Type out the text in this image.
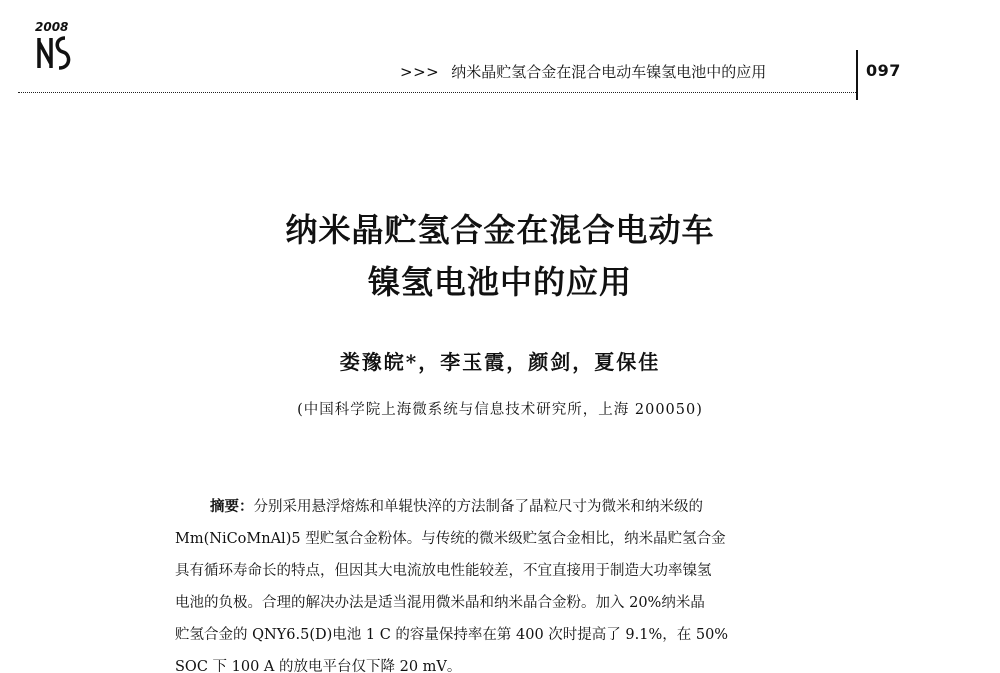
2008
>>> 纳米晶贮氢合金在混合电动车镍氢电池中的应用	097
纳米晶贮氢合金在混合电动车
镍氢电池中的应用
娄豫皖*，李玉霞，颜剑，夏保佳
(中国科学院上海微系统与信息技术研究所，上海 200050)
摘要：分别采用悬浮熔炼和单辊快淬的方法制备了晶粒尺寸为微米和纳米级的
Mm(NiCoMnAl)5 型贮氢合金粉体。与传统的微米级贮氢合金相比，纳米晶贮氢合金
具有循环寿命长的特点，但因其大电流放电性能较差，不宜直接用于制造大功率镍氢
电池的负极。合理的解决办法是适当混用微米晶和纳米晶合金粉。加入 20%纳米晶
贮氢合金的 QNY6.5(D)电池 1 C 的容量保持率在第 400 次时提高了 9.1%，在 50%
SOC 下 100 A 的放电平台仅下降 20 mV。
